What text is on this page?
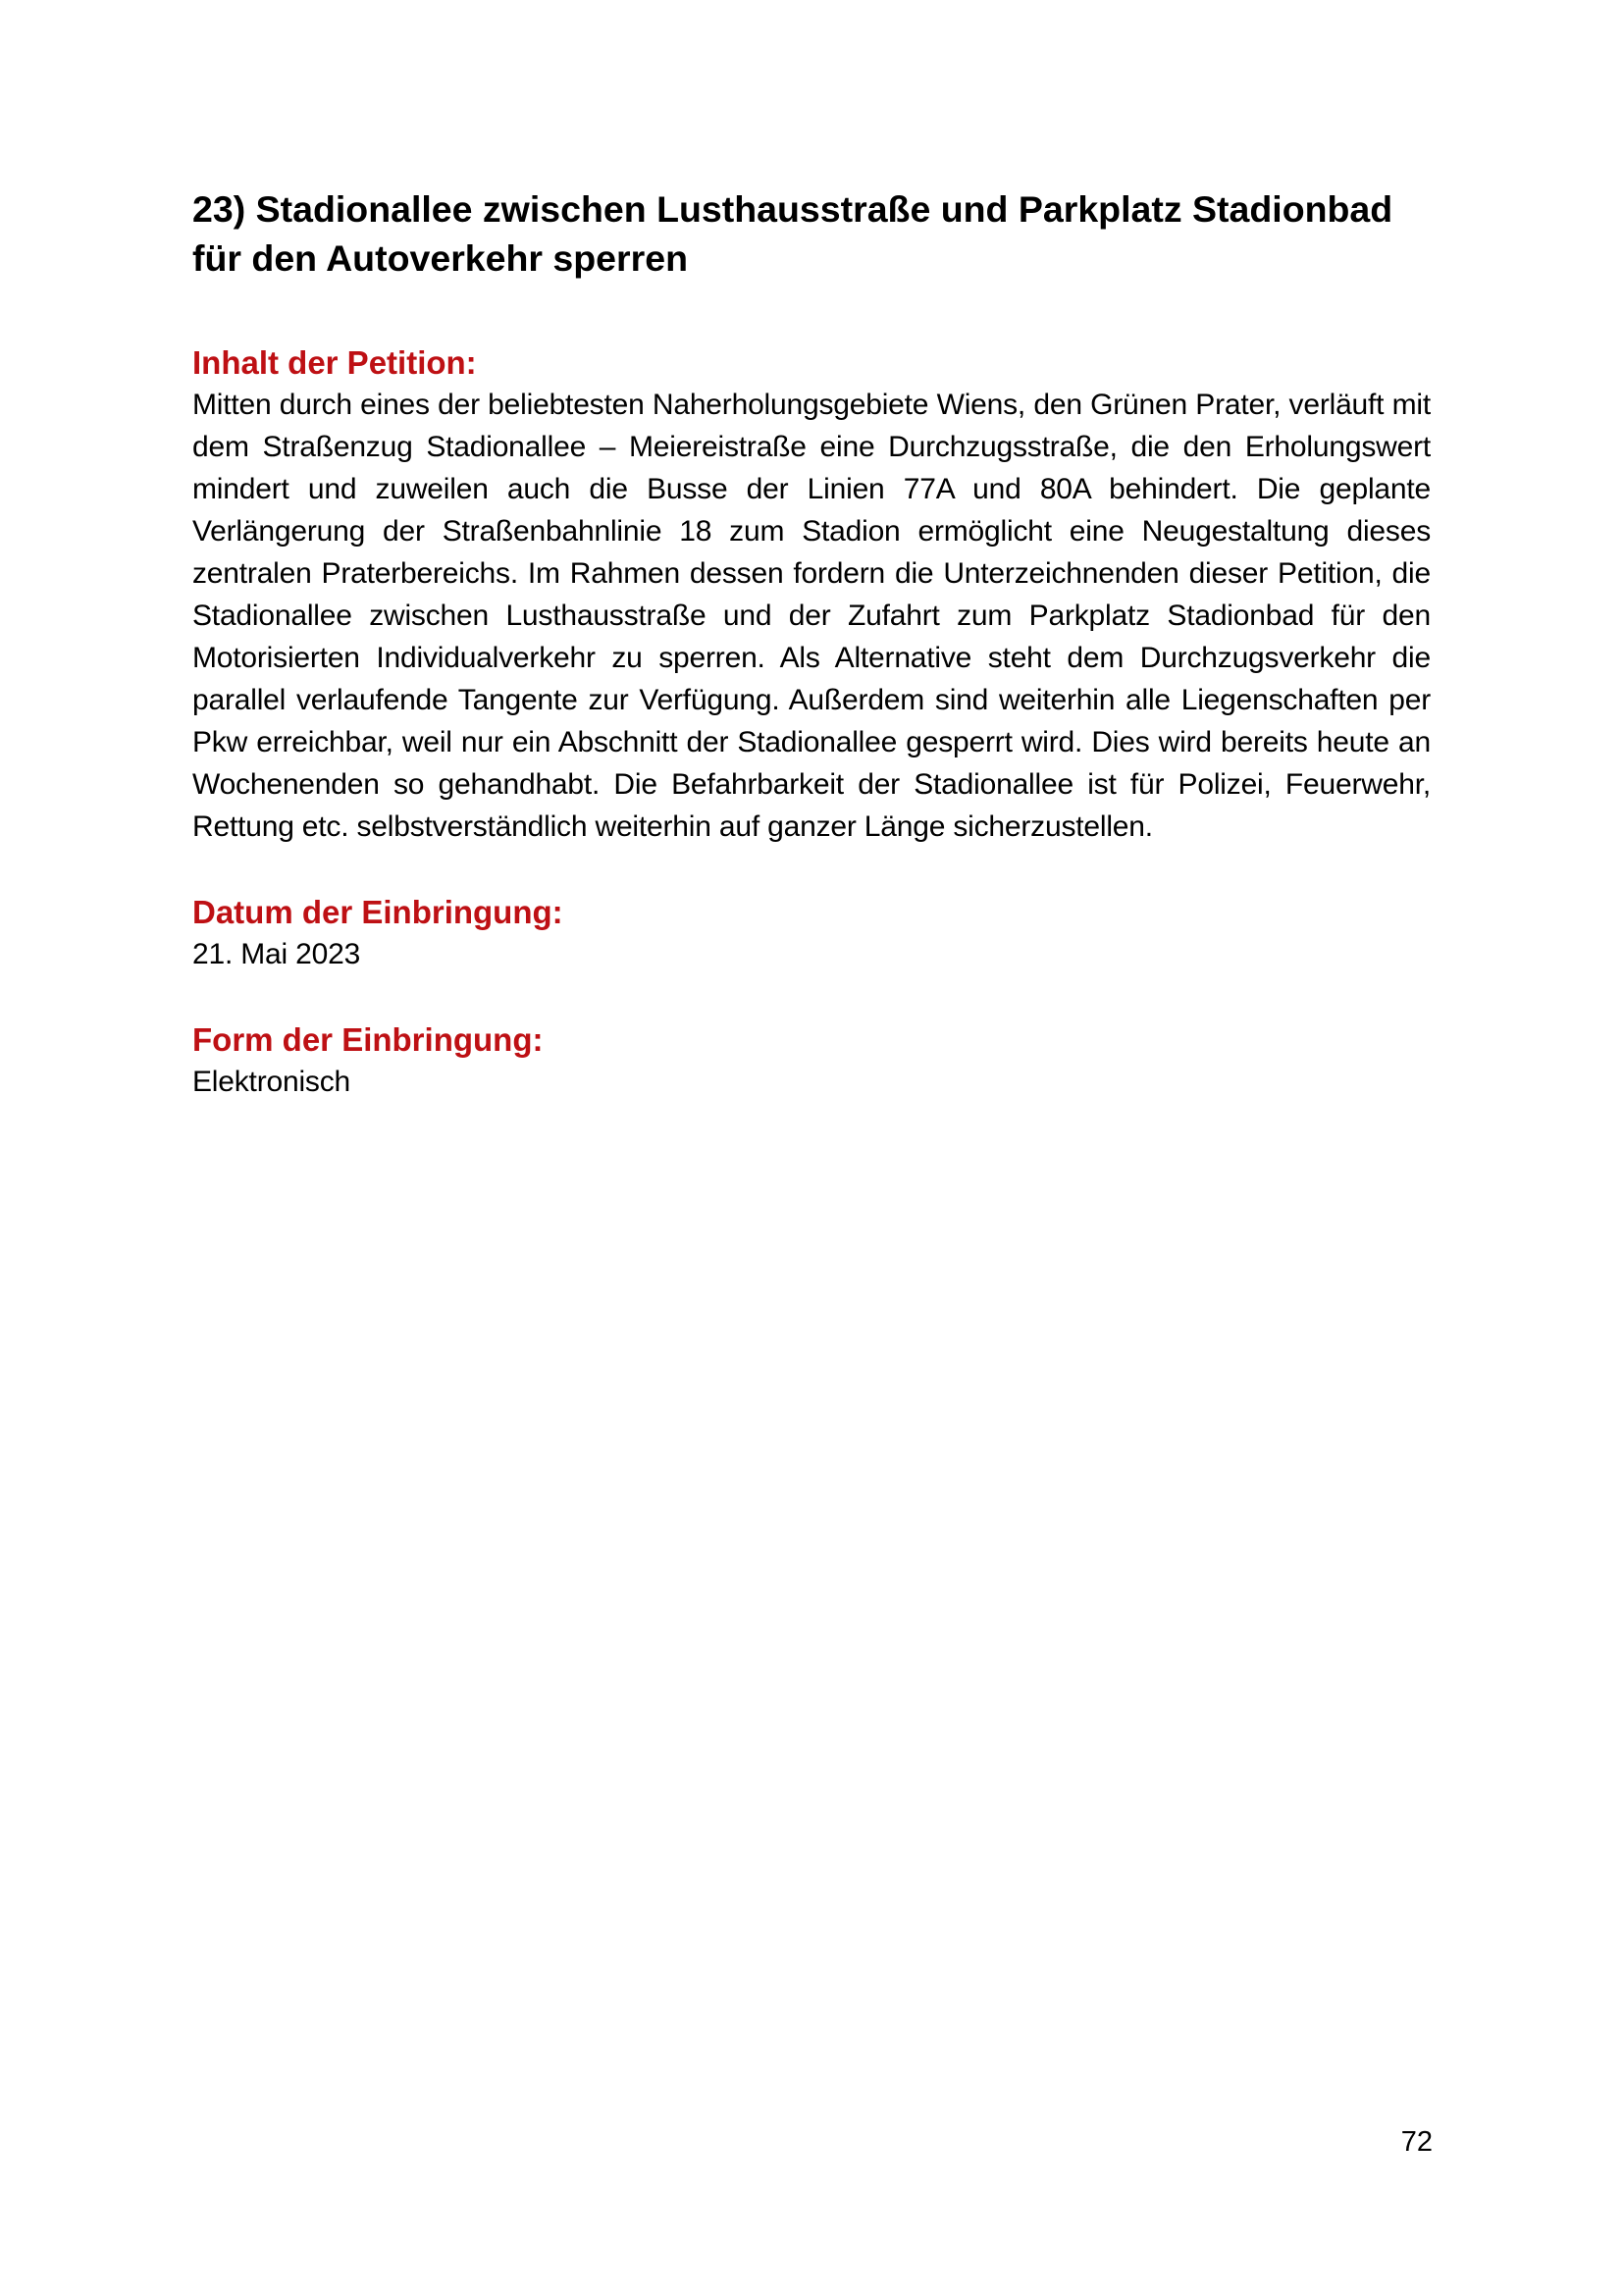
23) Stadionallee zwischen Lusthausstraße und Parkplatz Stadionbad für den Autoverkehr sperren
Inhalt der Petition:

Mitten durch eines der beliebtesten Naherholungsgebiete Wiens, den Grünen Prater, verläuft mit dem Straßenzug Stadionallee – Meiereistraße eine Durchzugsstraße, die den Erholungswert mindert und zuweilen auch die Busse der Linien 77A und 80A behindert. Die geplante Verlängerung der Straßenbahnlinie 18 zum Stadion ermöglicht eine Neugestaltung dieses zentralen Praterbereichs. Im Rahmen dessen fordern die Unterzeichnenden dieser Petition, die Stadionallee zwischen Lusthausstraße und der Zufahrt zum Parkplatz Stadionbad für den Motorisierten Individualverkehr zu sperren. Als Alternative steht dem Durchzugsverkehr die parallel verlaufende Tangente zur Verfügung. Außerdem sind weiterhin alle Liegenschaften per Pkw erreichbar, weil nur ein Abschnitt der Stadionallee gesperrt wird. Dies wird bereits heute an Wochenenden so gehandhabt. Die Befahrbarkeit der Stadionallee ist für Polizei, Feuerwehr, Rettung etc. selbstverständlich weiterhin auf ganzer Länge sicherzustellen.

Datum der Einbringung:

21. Mai 2023

Form der Einbringung:

Elektronisch

72
